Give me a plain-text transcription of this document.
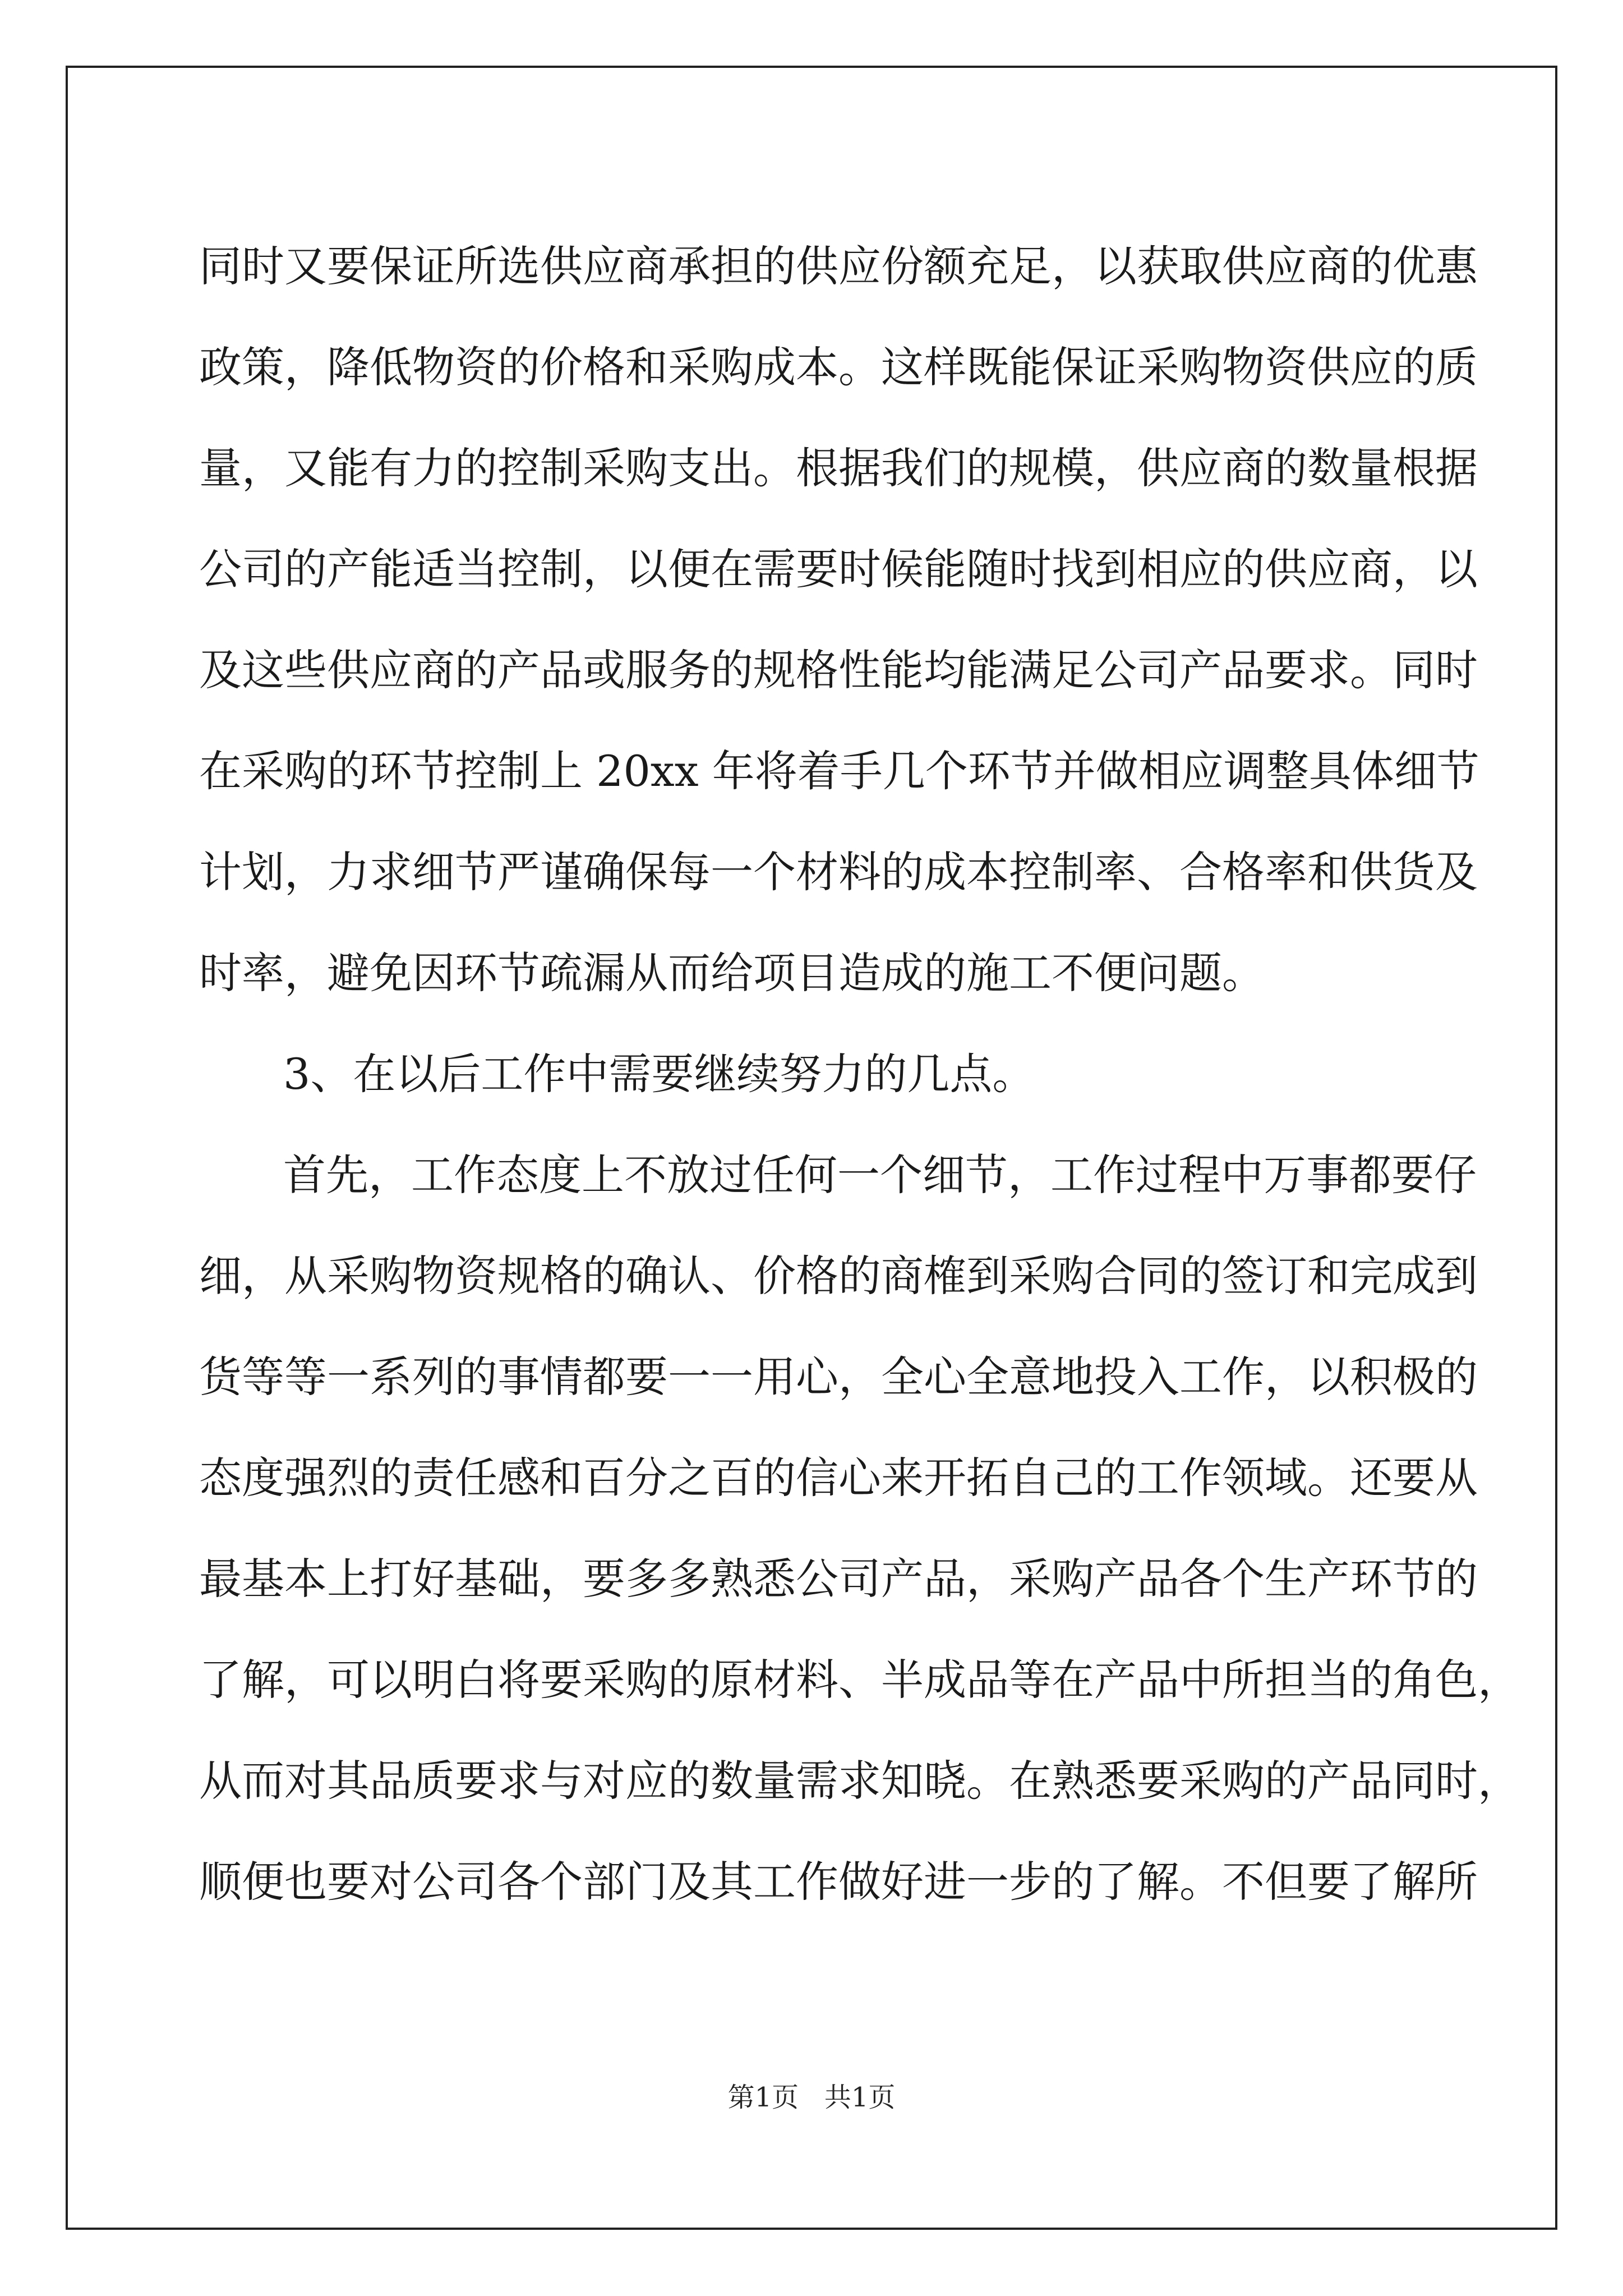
同时又要保证所选供应商承担的供应份额充足，以获取供应商的优惠
政策，降低物资的价格和采购成本。这样既能保证采购物资供应的质
量，又能有力的控制采购支出。根据我们的规模，供应商的数量根据
公司的产能适当控制，以便在需要时候能随时找到相应的供应商，以
及这些供应商的产品或服务的规格性能均能满足公司产品要求。同时
在采购的环节控制上 20xx 年将着手几个环节并做相应调整具体细节
计划，力求细节严谨确保每一个材料的成本控制率、合格率和供货及
时率，避免因环节疏漏从而给项目造成的施工不便问题。
3、在以后工作中需要继续努力的几点。
首先，工作态度上不放过任何一个细节，工作过程中万事都要仔
细，从采购物资规格的确认、价格的商榷到采购合同的签订和完成到
货等等一系列的事情都要一一用心，全心全意地投入工作，以积极的
态度强烈的责任感和百分之百的信心来开拓自己的工作领域。还要从
最基本上打好基础，要多多熟悉公司产品，采购产品各个生产环节的
了解，可以明白将要采购的原材料、半成品等在产品中所担当的角色，
从而对其品质要求与对应的数量需求知晓。在熟悉要采购的产品同时，
顺便也要对公司各个部门及其工作做好进一步的了解。不但要了解所
第1页   共1页
